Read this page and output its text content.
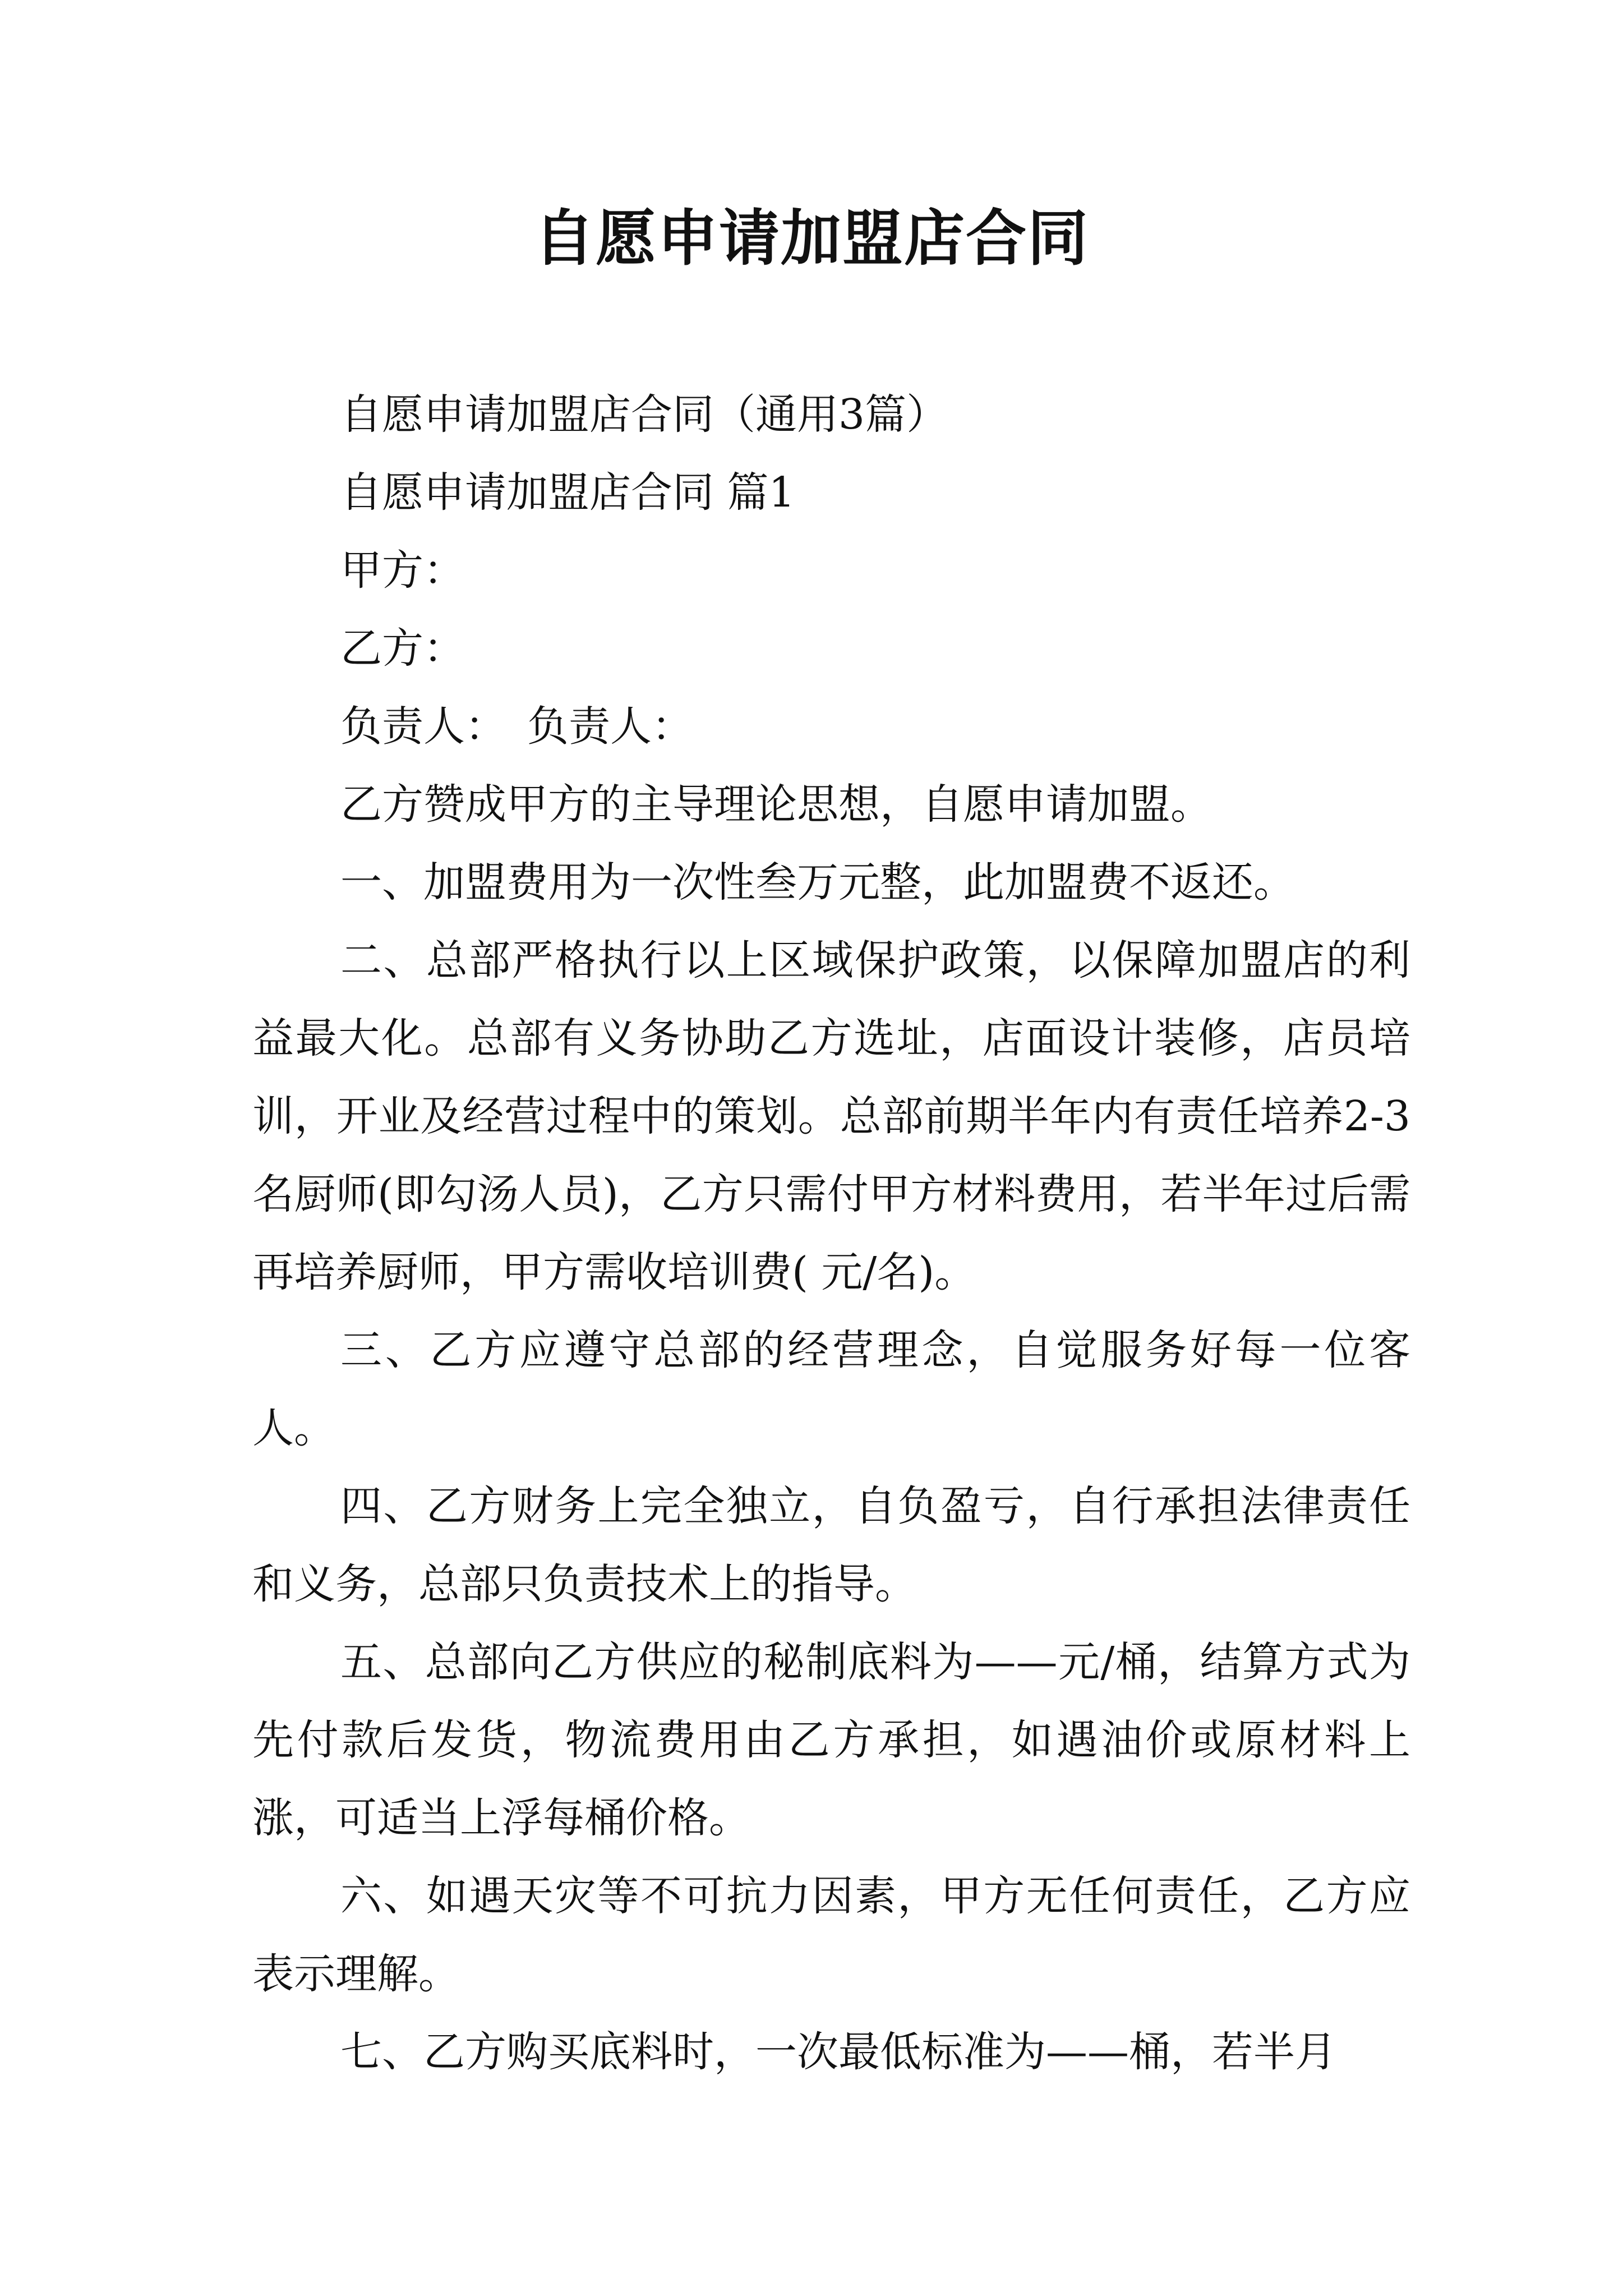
自愿申请加盟店合同

自愿申请加盟店合同（通用3篇）

自愿申请加盟店合同 篇1

甲方：

乙方：

负责人：　负责人：

乙方赞成甲方的主导理论思想，自愿申请加盟。

一、加盟费用为一次性叁万元整，此加盟费不返还。

二、总部严格执行以上区域保护政策，以保障加盟店的利益最大化。总部有义务协助乙方选址，店面设计装修，店员培训，开业及经营过程中的策划。总部前期半年内有责任培养2-3名厨师(即勾汤人员)，乙方只需付甲方材料费用，若半年过后需再培养厨师，甲方需收培训费( 元/名)。

三、乙方应遵守总部的经营理念，自觉服务好每一位客人。

四、乙方财务上完全独立，自负盈亏，自行承担法律责任和义务，总部只负责技术上的指导。

五、总部向乙方供应的秘制底料为——元/桶，结算方式为先付款后发货，物流费用由乙方承担，如遇油价或原材料上涨，可适当上浮每桶价格。

六、如遇天灾等不可抗力因素，甲方无任何责任，乙方应表示理解。

七、乙方购买底料时，一次最低标准为——桶，若半月
